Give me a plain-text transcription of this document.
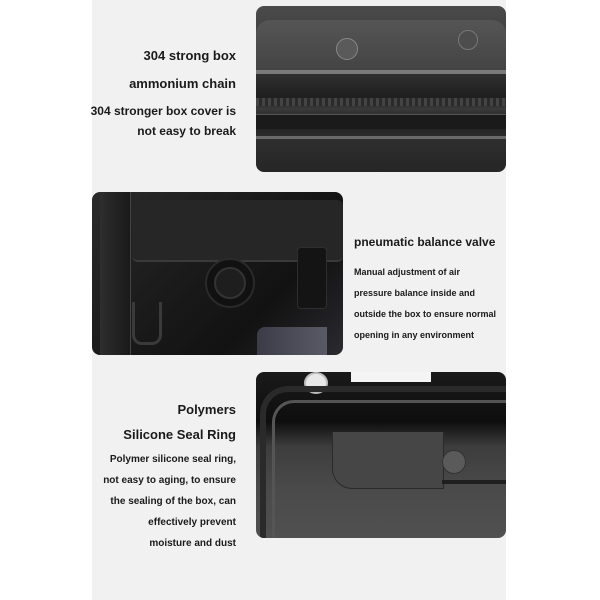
304 strong box
ammonium chain
304 stronger box cover is
not easy to break
pneumatic balance valve
Manual adjustment of air
pressure balance inside and
outside the box to ensure normal
opening in any environment
Polymers
Silicone Seal Ring
Polymer silicone seal ring,
not easy to aging, to ensure
the sealing of the box, can
effectively prevent
moisture and dust
